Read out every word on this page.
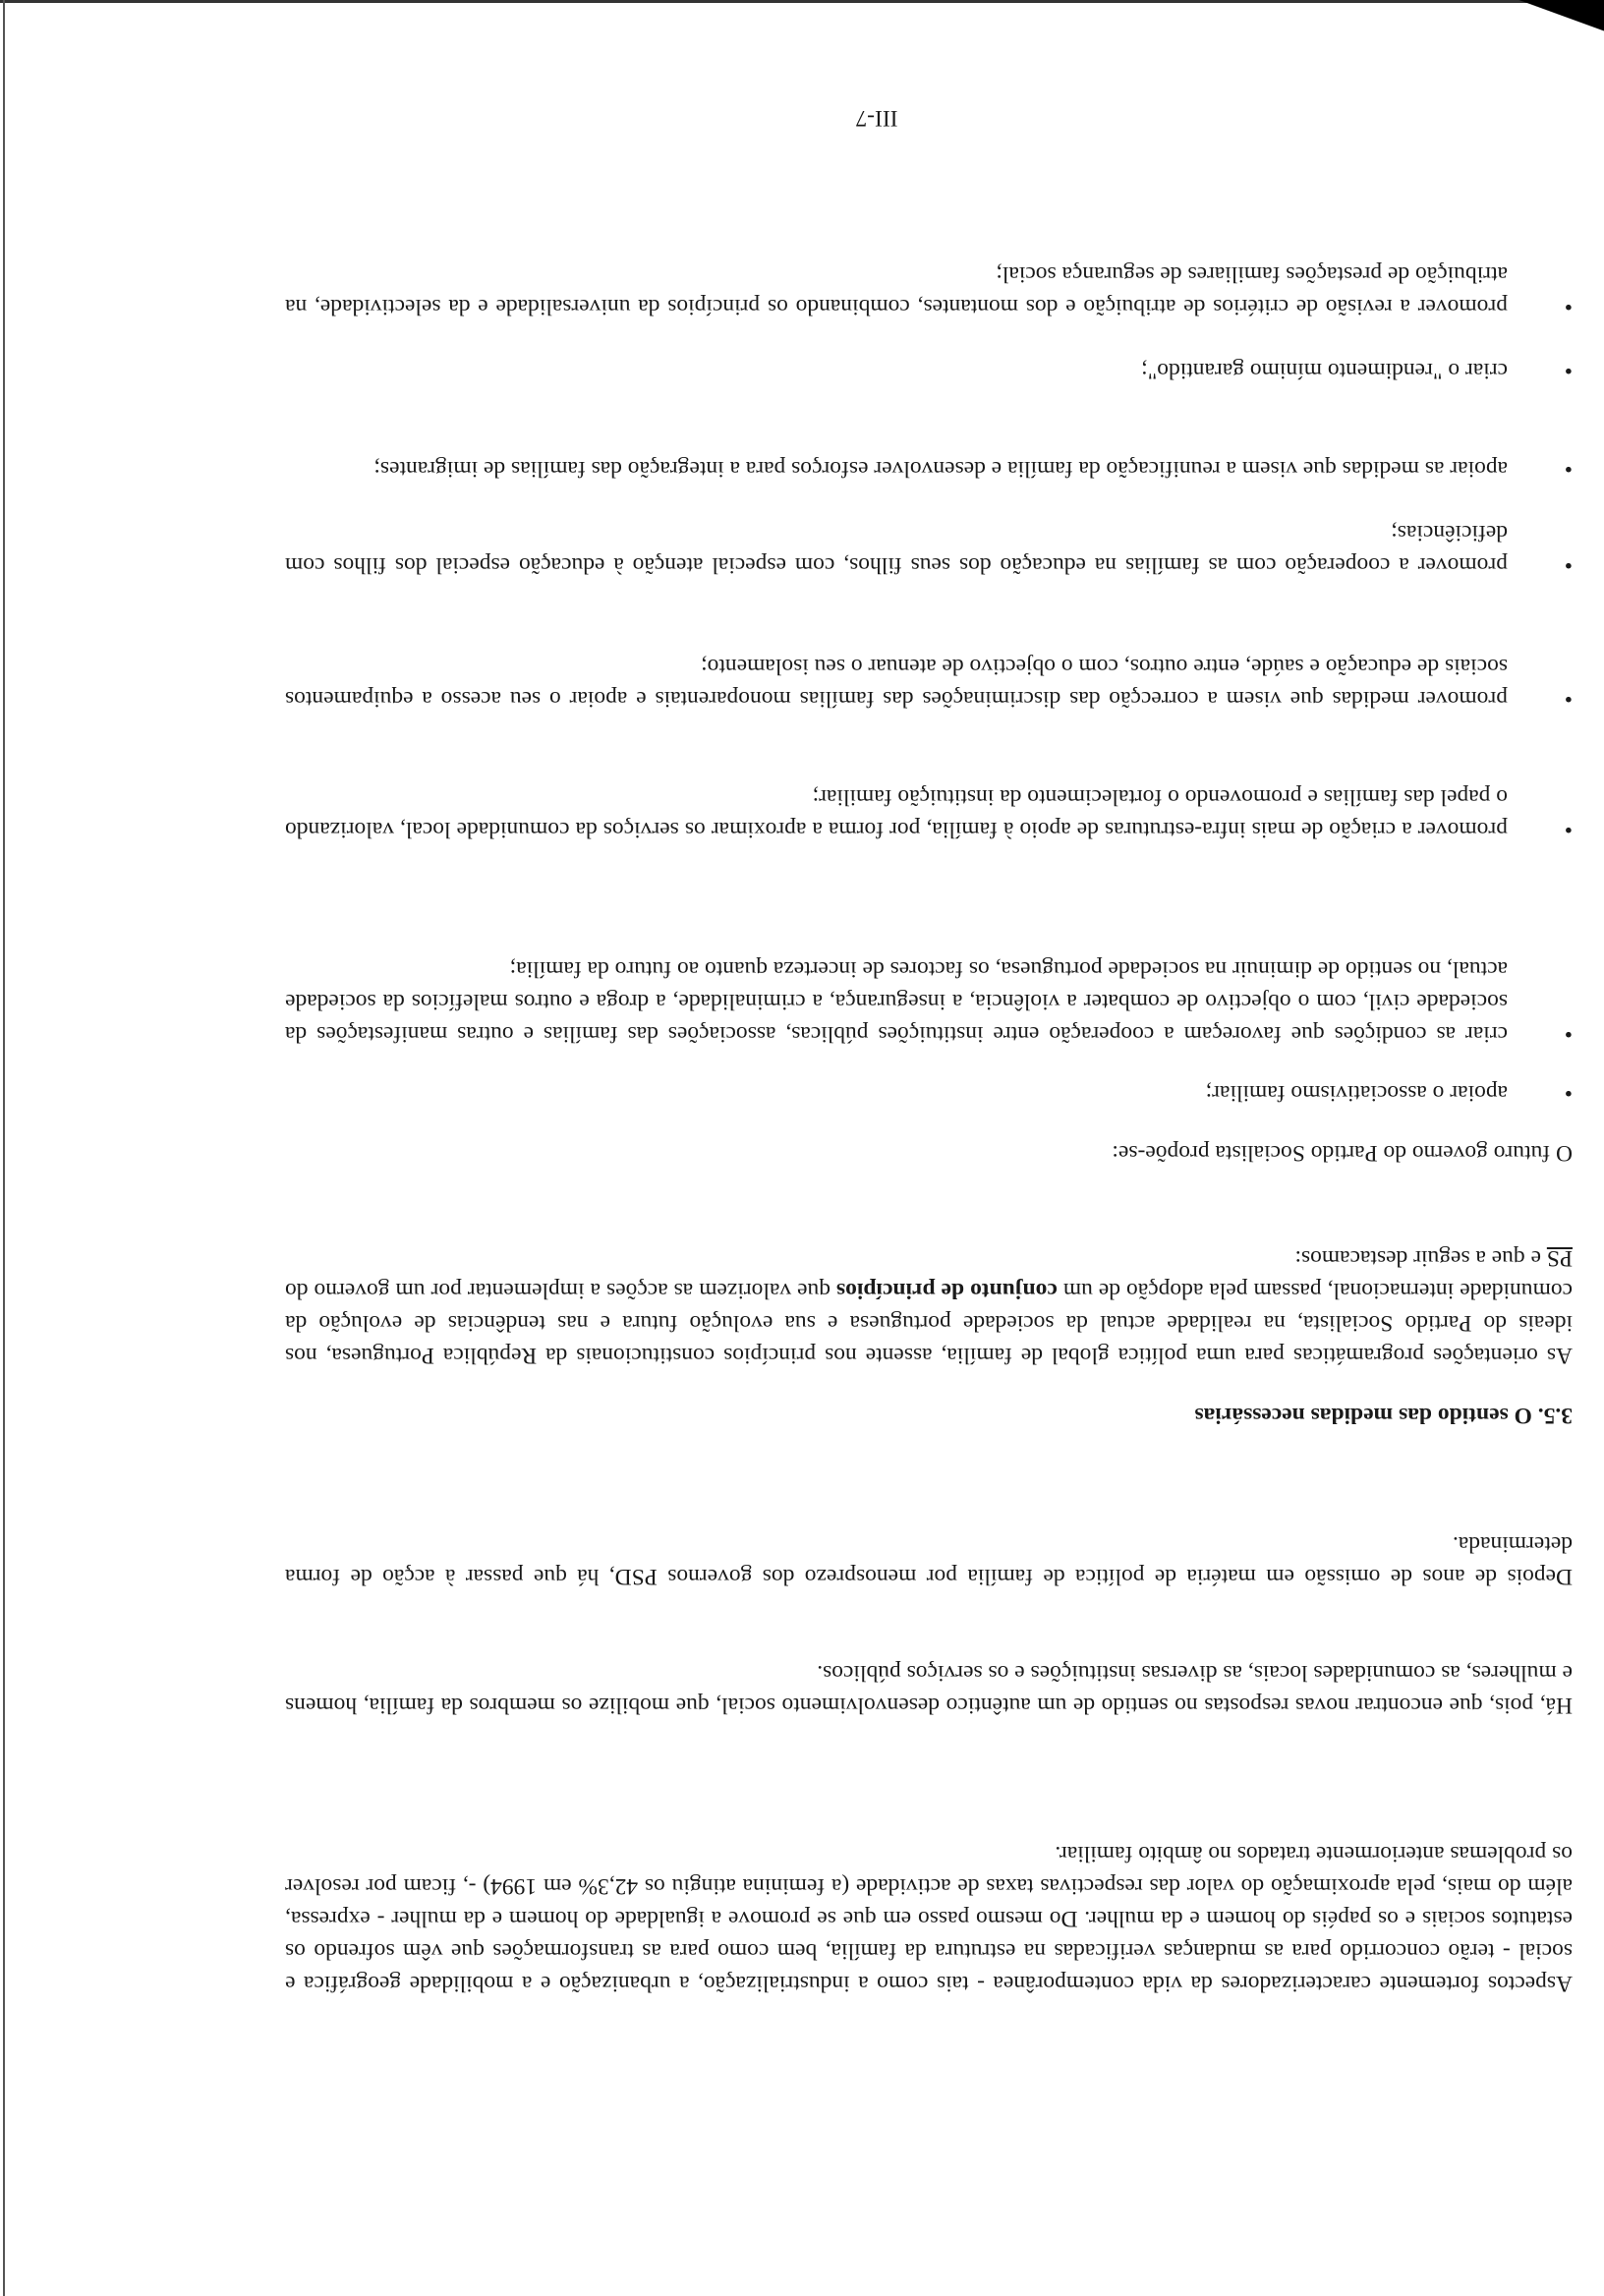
Aspectos fortemente caracterizadores da vida contemporânea - tais como a industrialização, a urbanização e a mobilidade geográfica e social - terão concorrido para as mudanças verificadas na estrutura da família, bem como para as transformações que vêm sofrendo os estatutos sociais e os papéis do homem e da mulher. Do mesmo passo em que se promove a igualdade do homem e da mulher - expressa, além do mais, pela aproximação do valor das respectivas taxas de actividade (a feminina atingiu os 42,3% em 1994) -, ficam por resolver os problemas anteriormente tratados no âmbito familiar.

Há, pois, que encontrar novas respostas no sentido de um autêntico desenvolvimento social, que mobilize os membros da família, homens e mulheres, as comunidades locais, as diversas instituições e os serviços públicos.

Depois de anos de omissão em matéria de política de família por menosprezo dos governos PSD, há que passar à acção de forma determinada.

3.5. O sentido das medidas necessárias

As orientações programáticas para uma política global de família, assente nos princípios constitucionais da República Portuguesa, nos ideais do Partido Socialista, na realidade actual da sociedade portuguesa e sua evolução futura e nas tendências de evolução da comunidade internacional, passam pela adopção de um conjunto de princípios que valorizem as acções a implementar por um governo do PS e que a seguir destacamos:

O futuro governo do Partido Socialista propõe-se:

•
apoiar o associativismo familiar;
•
criar as condições que favoreçam a cooperação entre instituições públicas, associações das famílias e outras manifestações da sociedade civil, com o objectivo de combater a violência, a insegurança, a criminalidade, a droga e outros malefícios da sociedade actual, no sentido de diminuir na sociedade portuguesa, os factores de incerteza quanto ao futuro da família;
•
promover a criação de mais infra-estruturas de apoio à família, por forma a aproximar os serviços da comunidade local, valorizando o papel das famílias e promovendo o fortalecimento da instituição familiar;
•
promover medidas que visem a correcção das discriminações das famílias monoparentais e apoiar o seu acesso a equipamentos sociais de educação e saúde, entre outros, com o objectivo de atenuar o seu isolamento;
•
promover a cooperação com as famílias na educação dos seus filhos, com especial atenção à educação especial dos filhos com deficiências;
•
apoiar as medidas que visem a reunificação da família e desenvolver esforços para a integração das famílias de imigrantes;
•
criar o "rendimento mínimo garantido";
•
promover a revisão de critérios de atribuição e dos montantes, combinando os princípios da universalidade e da selectividade, na atribuição de prestações familiares de segurança social;
III-7
